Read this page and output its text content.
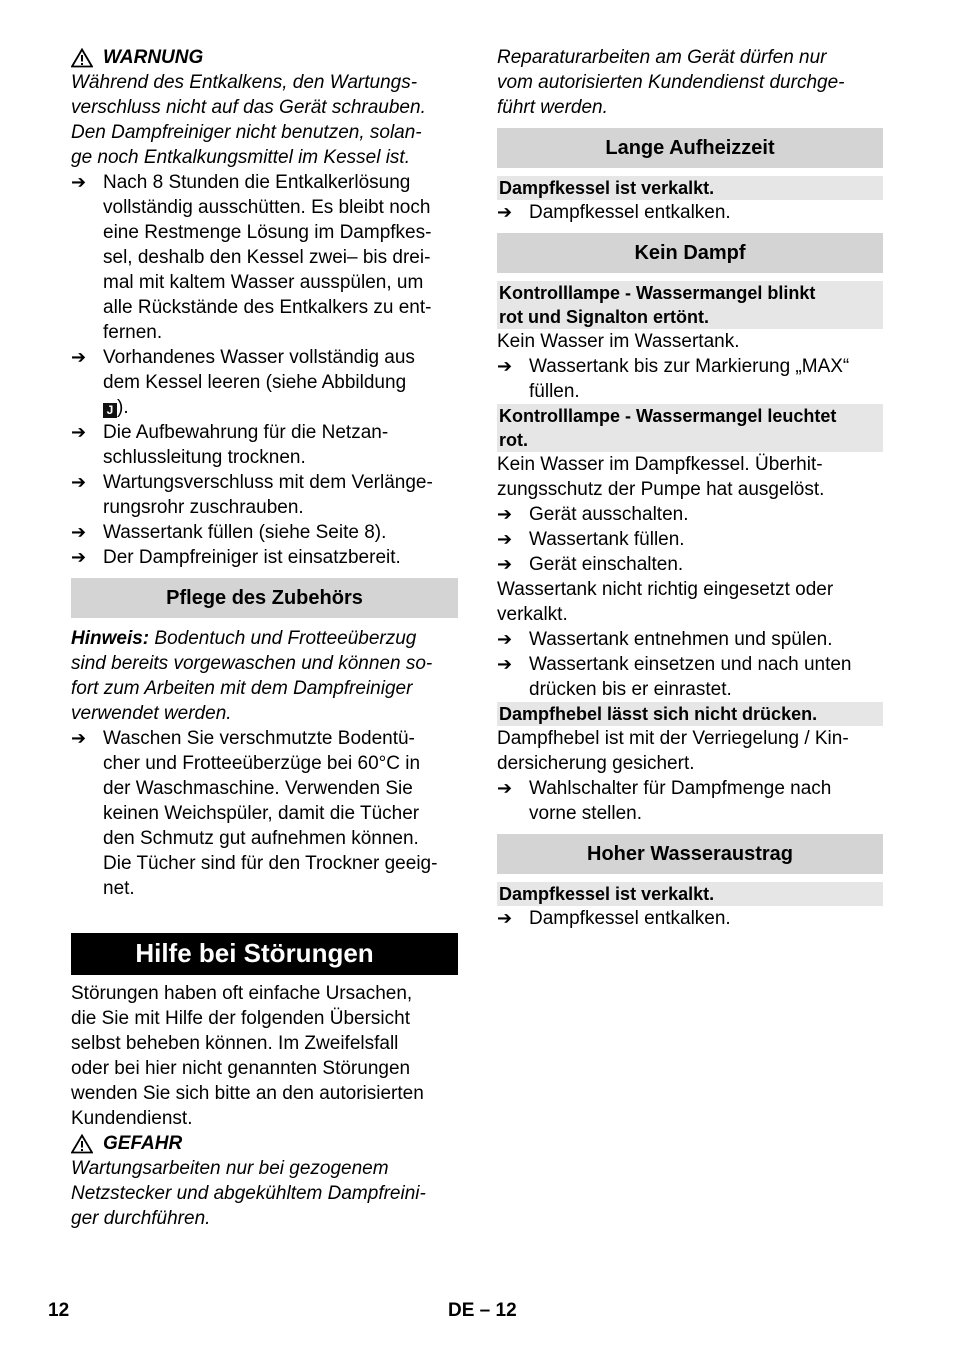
WARNUNG

Während des Entkalkens, den Wartungs-

verschluss nicht auf das Gerät schrauben.

Den Dampfreiniger nicht benutzen, solan-

ge noch Entkalkungsmittel im Kessel ist.

➔ Nach 8 Stunden die Entkalkerlösung

vollständig ausschütten. Es bleibt noch

eine Restmenge Lösung im Dampfkes-

sel, deshalb den Kessel zwei– bis drei-

mal mit kaltem Wasser ausspülen, um

alle Rückstände des Entkalkers zu ent-

fernen.

➔ Vorhandenes Wasser vollständig aus

dem Kessel leeren (siehe Abbildung

J ).

➔ Die Aufbewahrung für die Netzan-

schlussleitung trocknen.

➔ Wartungsverschluss mit dem Verlänge-

rungsrohr zuschrauben.

➔ Wassertank füllen (siehe Seite 8).

➔ Der Dampfreiniger ist einsatzbereit.

Pflege des Zubehörs

Hinweis: Bodentuch und Frotteeüberzug

sind bereits vorgewaschen und können so-

fort zum Arbeiten mit dem Dampfreiniger

verwendet werden.

➔ Waschen Sie verschmutzte Bodentü-

cher und Frotteeüberzüge bei 60°C in

der Waschmaschine. Verwenden Sie

keinen Weichspüler, damit die Tücher

den Schmutz gut aufnehmen können.

Die Tücher sind für den Trockner geeig-

net.

Hilfe bei Störungen

Störungen haben oft einfache Ursachen,

die Sie mit Hilfe der folgenden Übersicht

selbst beheben können. Im Zweifelsfall

oder bei hier nicht genannten Störungen

wenden Sie sich bitte an den autorisierten

Kundendienst.

GEFAHR

Wartungsarbeiten nur bei gezogenem

Netzstecker und abgekühltem Dampfreini-

ger durchführen.

Reparaturarbeiten am Gerät dürfen nur

vom autorisierten Kundendienst durchge-

führt werden.

Lange Aufheizzeit

Dampfkessel ist verkalkt.

➔ Dampfkessel entkalken.

Kein Dampf

Kontrolllampe - Wassermangel blinkt

rot und Signalton ertönt.

Kein Wasser im Wassertank.

➔ Wassertank bis zur Markierung „MAX“

füllen.

Kontrolllampe - Wassermangel leuchtet

rot.

Kein Wasser im Dampfkessel. Überhit-

zungsschutz der Pumpe hat ausgelöst.

➔ Gerät ausschalten.

➔ Wassertank füllen.

➔ Gerät einschalten.

Wassertank nicht richtig eingesetzt oder

verkalkt.

➔ Wassertank entnehmen und spülen.

➔ Wassertank einsetzen und nach unten

drücken bis er einrastet.

Dampfhebel lässt sich nicht drücken.

Dampfhebel ist mit der Verriegelung / Kin-

dersicherung gesichert.

➔ Wahlschalter für Dampfmenge nach

vorne stellen.

Hoher Wasseraustrag

Dampfkessel ist verkalkt.

➔ Dampfkessel entkalken.

12	DE – 12
